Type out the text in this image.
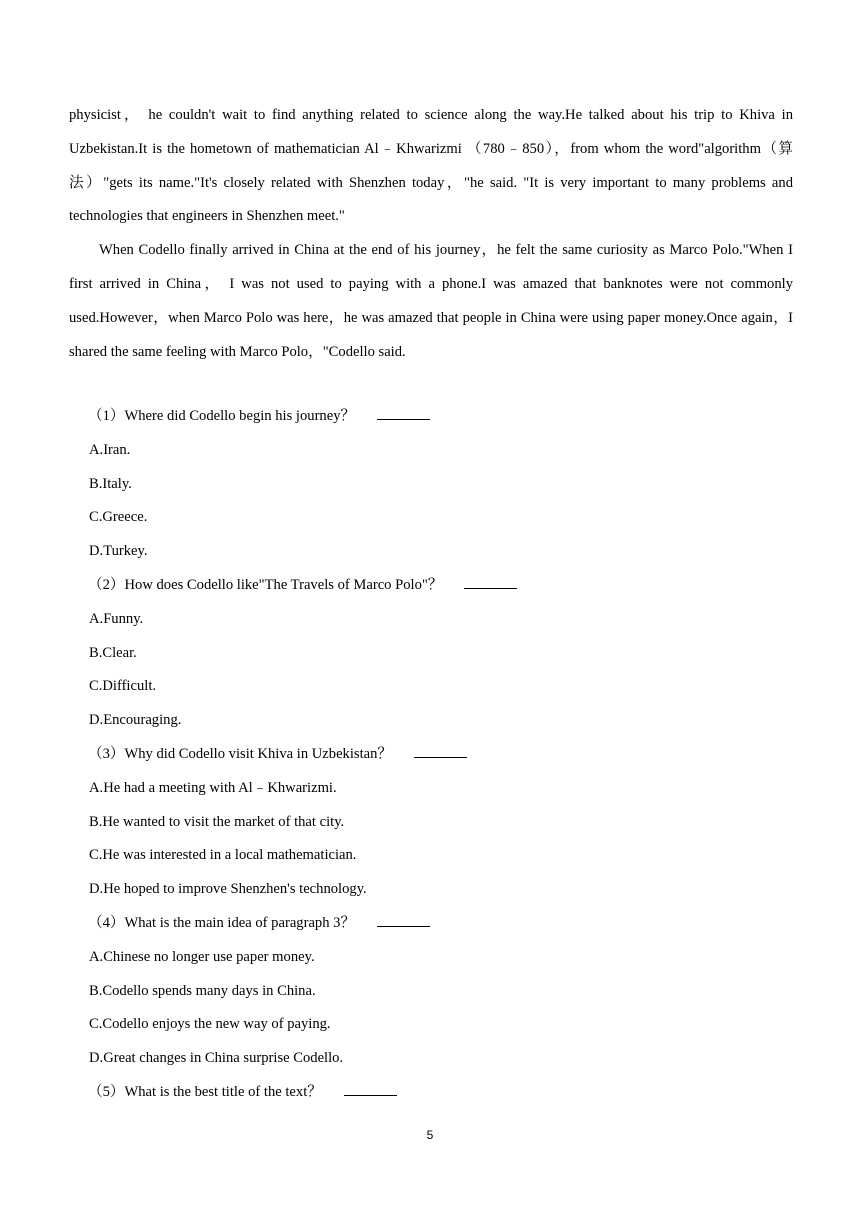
physicist， he couldn't wait to find anything related to science along the way.He talked about his trip to Khiva in Uzbekistan.It is the hometown of mathematician Al﹣Khwarizmi （780﹣850），from whom the word"algorithm（算法）"gets its name."It's closely related with Shenzhen today，"he said. "It is very important to many problems and technologies that engineers in Shenzhen meet."

When Codello finally arrived in China at the end of his journey，he felt the same curiosity as Marco Polo."When I first arrived in China， I was not used to paying with a phone.I was amazed that banknotes were not commonly used.However，when Marco Polo was here，he was amazed that people in China were using paper money.Once again，I shared the same feeling with Marco Polo，"Codello said.

（1）Where did Codello begin his journey？
A.Iran.
B.Italy.
C.Greece.
D.Turkey.
（2）How does Codello like"The Travels of Marco Polo"？
A.Funny.
B.Clear.
C.Difficult.
D.Encouraging.
（3）Why did Codello visit Khiva in Uzbekistan？
A.He had a meeting with Al﹣Khwarizmi.
B.He wanted to visit the market of that city.
C.He was interested in a local mathematician.
D.He hoped to improve Shenzhen's technology.
（4）What is the main idea of paragraph 3？
A.Chinese no longer use paper money.
B.Codello spends many days in China.
C.Codello enjoys the new way of paying.
D.Great changes in China surprise Codello.
（5）What is the best title of the text？
5
